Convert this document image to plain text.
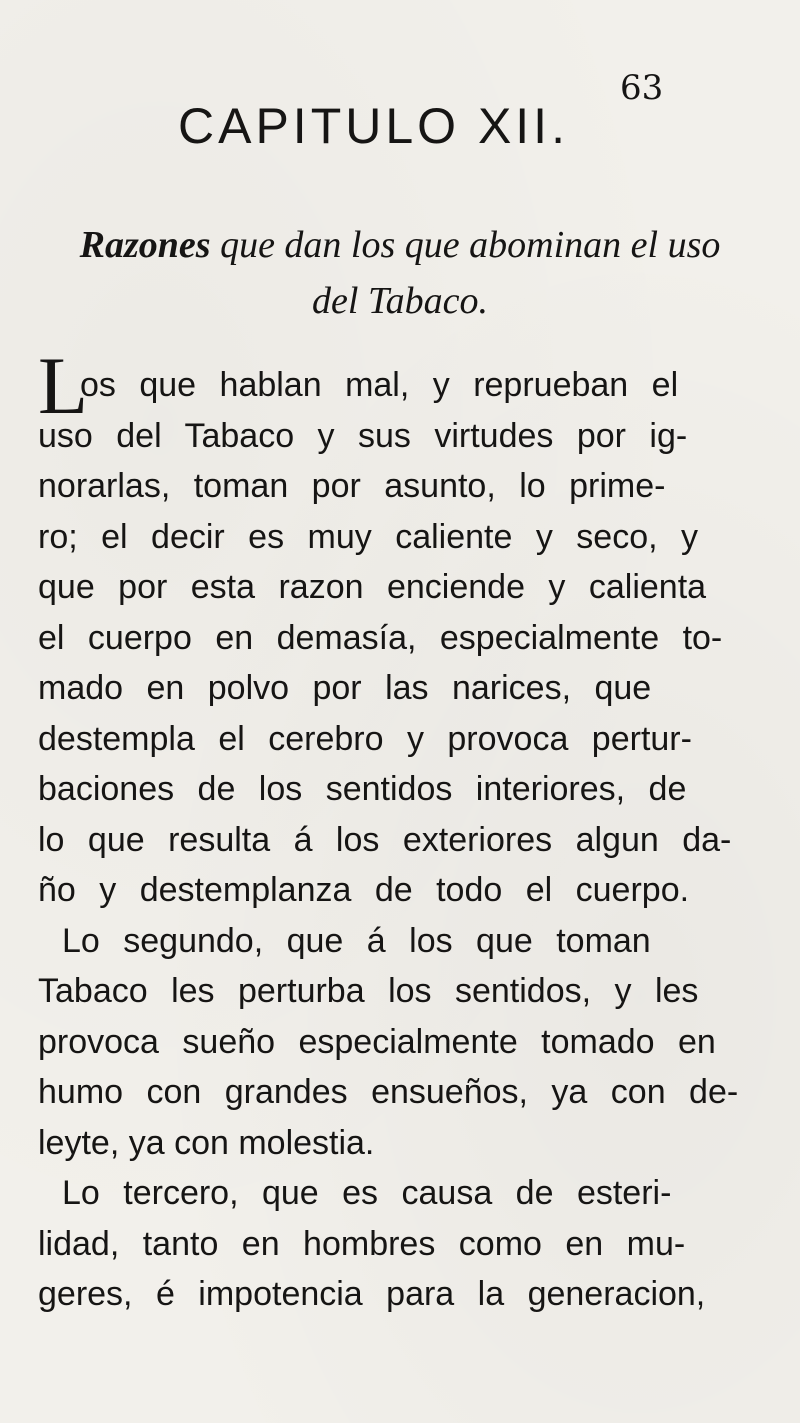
63
CAPITULO XII.
Razones que dan los que abominan el uso
del Tabaco.
L
os que hablan mal, y reprueban el
uso del Tabaco y sus virtudes por ig-
norarlas, toman por asunto, lo prime-
ro; el decir es muy caliente y seco, y
que por esta razon enciende y calienta
el cuerpo en demasía, especialmente to-
mado en polvo por las narices, que
destempla el cerebro y provoca pertur-
baciones de los sentidos interiores, de
lo que resulta á los exteriores algun da-
ño y destemplanza de todo el cuerpo.
Lo segundo, que á los que toman
Tabaco les perturba los sentidos, y les
provoca sueño especialmente tomado en
humo con grandes ensueños, ya con de-
leyte, ya con molestia.
Lo tercero, que es causa de esteri-
lidad, tanto en hombres como en mu-
geres, é impotencia para la generacion,
